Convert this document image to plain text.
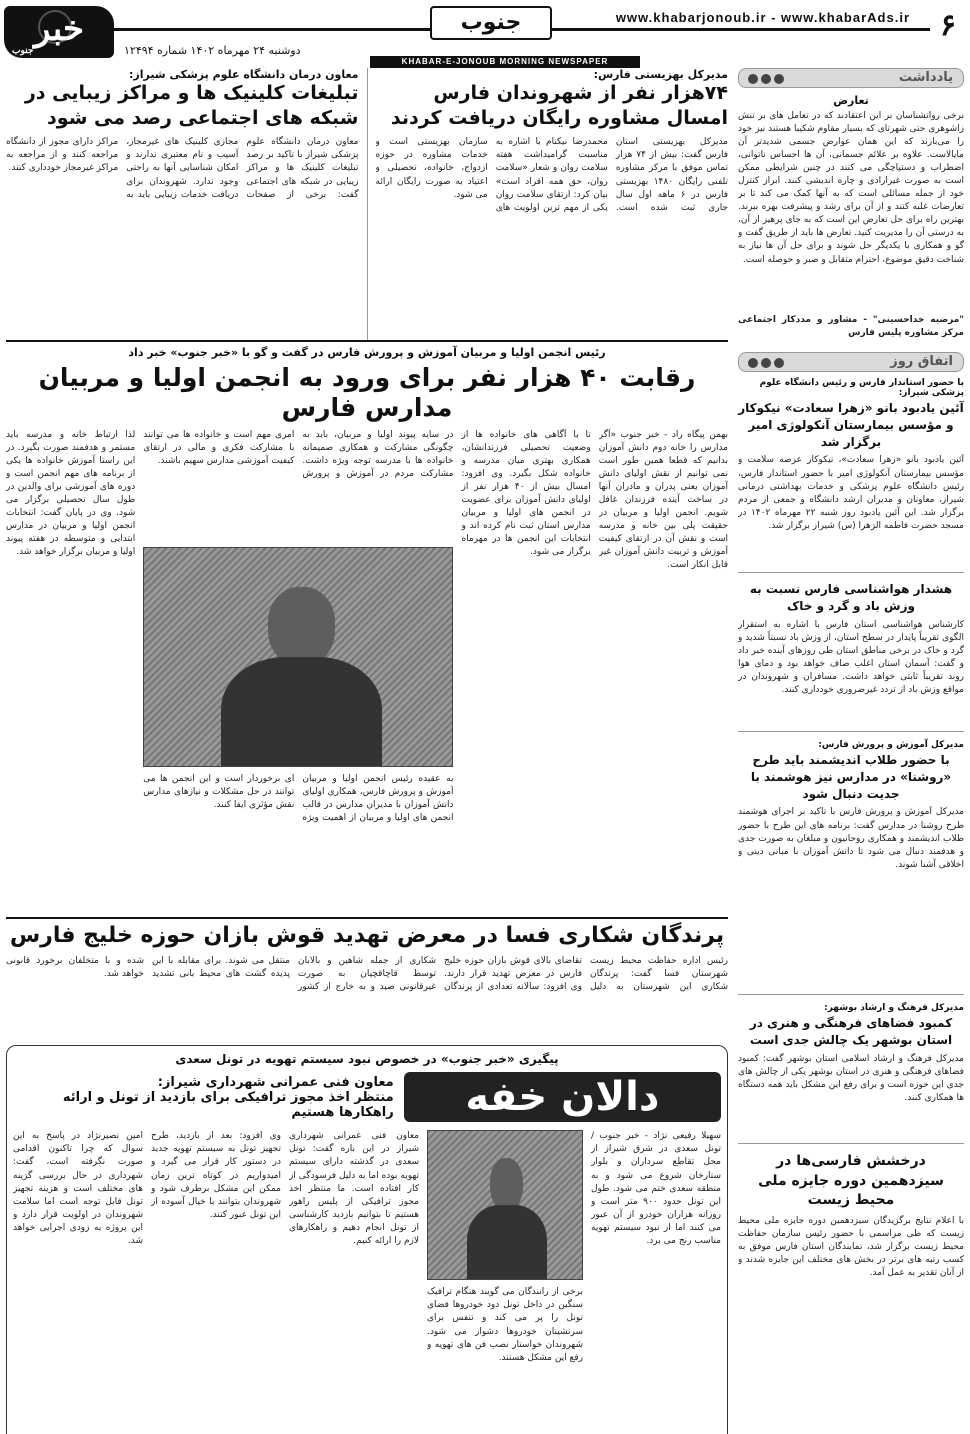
۶
www.khabarjonoub.ir - www.khabarAds.ir
جنوب
دوشنبه ۲۴ مهرماه ۱۴۰۲ شماره ۱۲۴۹۴
خبر
جنوب
KHABAR-E-JONOUB MORNING NEWSPAPER
یادداشت
تعارض
برخی روانشناسان بر این اعتقادند که در تعامل های بر تنش زاشوهری حتی شهرتای که بسیار مقاوم شکیبا هستند نیز خود را می‌بازند که این همان عوارض جسمی شدیدتر آن مایالاست. علاوه بر علائم جسمانی، آن ها احساس ناتوانی، اضطراب و دستپاچگی می کنند در چنین شرایطی ممکن است به صورت غیرارادی و چاره اندیشی کنند. ابراز کنترل خود از جمله مسائلی است که به آنها کمک می کند تا بر تعارضات غلبه کنند و از آن برای رشد و پیشرفت بهره ببرند. بهترین راه برای حل تعارض این است که به جای پرهیز از آن، به درستی آن را مدیریت کنید. تعارض ها باید از طریق گفت و گو و همکاری با یکدیگر حل شوند و برای حل آن ها نیاز به شناخت دقیق موضوع، احترام متقابل و صبر و حوصله است.
"مرضیه خداحسینی" - مشاور و مددکار اجتماعی مرکز مشاوره پلیس فارس
اتفاق روز
با حضور استاندار فارس و رئیس دانشگاه علوم پزشکی شیراز:
آئین یادبود بانو «زهرا سعادت» نیکوکار و مؤسس بیمارستان آنکولوژی امیر برگزار شد
آئین یادبود بانو «زهرا سعادت»، نیکوکار عرصه سلامت و مؤسس بیمارستان آنکولوژی امیر با حضور استاندار فارس، رئیس دانشگاه علوم پزشکی و خدمات بهداشتی درمانی شیراز، معاونان و مدیران ارشد دانشگاه و جمعی از مردم برگزار شد. این آئین یادبود روز شنبه ۲۲ مهرماه ۱۴۰۲ در مسجد حضرت فاطمه الزهرا (س) شیراز برگزار شد.
هشدار هواشناسی فارس نسبت به وزش باد و گرد و خاک
کارشناس هواشناسی استان فارس با اشاره به استقرار الگوی تقریباً پایدار در سطح استان، از وزش باد نسبتاً شدید و گرد و خاک در برخی مناطق استان طی روزهای آینده خبر داد و گفت: آسمان استان اغلب صاف خواهد بود و دمای هوا روند تقریباً ثابتی خواهد داشت. مسافران و شهروندان در مواقع وزش باد از تردد غیرضروری خودداری کنند.
مدیرکل آموزش و پرورش فارس:
با حضور طلاب اندیشمند باید طرح «روشنا» در مدارس نیز هوشمند با جدیت دنبال شود
مدیرکل آموزش و پرورش فارس با تاکید بر اجرای هوشمند طرح روشنا در مدارس گفت: برنامه های این طرح با حضور طلاب اندیشمند و همکاری روحانیون و مبلغان به صورت جدی و هدفمند دنبال می شود تا دانش آموزان با مبانی دینی و اخلاقی آشنا شوند.
مدیرکل فرهنگ و ارشاد بوشهر:
کمبود فضاهای فرهنگی و هنری در استان بوشهر یک چالش جدی است
مدیرکل فرهنگ و ارشاد اسلامی استان بوشهر گفت: کمبود فضاهای فرهنگی و هنری در استان بوشهر یکی از چالش های جدی این حوزه است و برای رفع این مشکل باید همه دستگاه ها همکاری کنند.
درخشش فارسی‌ها در سیزدهمین دوره جایزه ملی محیط زیست
با اعلام نتایج برگزیدگان سیزدهمین دوره جایزه ملی محیط زیست که طی مراسمی با حضور رئیس سازمان حفاظت محیط زیست برگزار شد، نمایندگان استان فارس موفق به کسب رتبه های برتر در بخش های مختلف این جایزه شدند و از آنان تقدیر به عمل آمد.
مدیرکل بهزیستی فارس:
۷۴هزار نفر از شهروندان فارس امسال مشاوره رایگان دریافت کردند
مدیرکل بهزیستی استان فارس گفت: بیش از ۷۴ هزار تماس موفق با مرکز مشاوره تلفنی رایگان ۱۴۸۰ بهزیستی فارس در ۶ ماهه اول سال جاری ثبت شده است. محمدرضا نیکنام با اشاره به مناسبت گرامیداشت هفته سلامت روان و شعار «سلامت روان، حق همه افراد است» بیان کرد: ارتقای سلامت روان یکی از مهم ترین اولویت های سازمان بهزیستی است و خدمات مشاوره در حوزه ازدواج، خانواده، تحصیلی و اعتیاد به صورت رایگان ارائه می شود.
معاون درمان دانشگاه علوم پزشکی شیراز:
تبلیغات کلینیک ها و مراکز زیبایی در شبکه های اجتماعی رصد می شود
معاون درمان دانشگاه علوم پزشکی شیراز با تاکید بر رصد تبلیغات کلینیک ها و مراکز زیبایی در شبکه های اجتماعی گفت: برخی از صفحات مجازی کلینیک های غیرمجاز، آسیب و نام معتبری ندارند و امکان شناسایی آنها به راحتی وجود ندارد. شهروندان برای دریافت خدمات زیبایی باید به مراکز دارای مجوز از دانشگاه مراجعه کنند و از مراجعه به مراکز غیرمجاز خودداری کنند.
رئیس انجمن اولیا و مربیان آموزش و پرورش فارس در گفت و گو با «خبر جنوب» خبر داد
رقابت ۴۰ هزار نفر برای ورود به انجمن اولیا و مربیان مدارس فارس
بهمن پیگاه راد - خبر جنوب «آگر مدارس را خانه دوم دانش آموزان بدانیم که قطعا همین طور است نمی توانیم از نقش اولیای دانش آموزان یعنی پدران و مادران آنها در ساخت آینده فرزندان غافل شویم. انجمن اولیا و مربیان در حقیقت پلی بین خانه و مدرسه است و نقش آن در ارتقای کیفیت آموزش و تربیت دانش آموزان غیر قابل انکار است.
تا با آگاهی های خانواده ها از وضعیت تحصیلی فرزندانشان، همکاری بهتری میان مدرسه و خانواده شکل بگیرد. وی افزود: امسال بیش از ۴۰ هزار نفر از اولیای دانش آموزان برای عضویت در انجمن های اولیا و مربیان مدارس استان ثبت نام کرده اند و انتخابات این انجمن ها در مهرماه برگزار می شود.
در سایه پیوند اولیا و مربیان، باید به چگونگی مشارکت و همکاری صمیمانه خانواده ها با مدرسه توجه ویژه داشت. مشارکت مردم در آموزش و پرورش امری مهم است و خانواده ها می توانند با مشارکت فکری و مالی در ارتقای کیفیت آموزشی مدارس سهیم باشند.
به عقیده رئیس انجمن اولیا و مربیان آموزش و پرورش فارس، همکاری اولیای دانش آموزان با مدیران مدارس در قالب انجمن های اولیا و مربیان از اهمیت ویژه ای برخوردار است و این انجمن ها می توانند در حل مشکلات و نیازهای مدارس نقش مؤثری ایفا کنند.
لذا ارتباط خانه و مدرسه باید مستمر و هدفمند صورت بگیرد. در این راستا آموزش خانواده ها یکی از برنامه های مهم انجمن است و دوره های آموزشی برای والدین در طول سال تحصیلی برگزار می شود. وی در پایان گفت: انتخابات انجمن اولیا و مربیان در مدارس ابتدایی و متوسطه در هفته پیوند اولیا و مربیان برگزار خواهد شد.
پرندگان شکاری فسا در معرض تهدید قوش بازان حوزه خلیج فارس
رئیس اداره حفاظت محیط زیست شهرستان فسا گفت: پرندگان شکاری این شهرستان به دلیل تقاضای بالای قوش بازان حوزه خلیج فارس در معرض تهدید قرار دارند. وی افزود: سالانه تعدادی از پرندگان شکاری از جمله شاهین و بالابان توسط قاچاقچیان به صورت غیرقانونی صید و به خارج از کشور منتقل می شوند. برای مقابله با این پدیده گشت های محیط بانی تشدید شده و با متخلفان برخورد قانونی خواهد شد.
پیگیری «خبر جنوب» در خصوص نبود سیستم تهویه در تونل سعدی
دالان خفه
معاون فنی عمرانی شهرداری شیراز:
منتظر اخذ مجوز ترافیکی برای بازدید از تونل و ارائه راهکارها هستیم
سهیلا رفیعی نژاد - خبر جنوب / تونل سعدی در شرق شیراز از محل تقاطع سرداران و بلوار ستارخان شروع می شود و به منطقه سعدی ختم می شود. طول این تونل حدود ۹۰۰ متر است و روزانه هزاران خودرو از آن عبور می کنند اما از نبود سیستم تهویه مناسب رنج می برد.
برخی از رانندگان می گویند هنگام ترافیک سنگین در داخل تونل دود خودروها فضای تونل را پر می کند و تنفس برای سرنشینان خودروها دشوار می شود. شهروندان خواستار نصب فن های تهویه و رفع این مشکل هستند.
معاون فنی عمرانی شهرداری شیراز در این باره گفت: تونل سعدی در گذشته دارای سیستم تهویه بوده اما به دلیل فرسودگی از کار افتاده است. ما منتظر اخذ مجوز ترافیکی از پلیس راهور هستیم تا بتوانیم بازدید کارشناسی از تونل انجام دهیم و راهکارهای لازم را ارائه کنیم.
وی افزود: بعد از بازدید، طرح تجهیز تونل به سیستم تهویه جدید در دستور کار قرار می گیرد و امیدواریم در کوتاه ترین زمان ممکن این مشکل برطرف شود و شهروندان بتوانند با خیال آسوده از این تونل عبور کنند.
امین نصیرنژاد در پاسخ به این سوال که چرا تاکنون اقدامی صورت نگرفته است، گفت: شهرداری در حال بررسی گزینه های مختلف است و هزینه تجهیز تونل قابل توجه است اما سلامت شهروندان در اولویت قرار دارد و این پروژه به زودی اجرایی خواهد شد.
